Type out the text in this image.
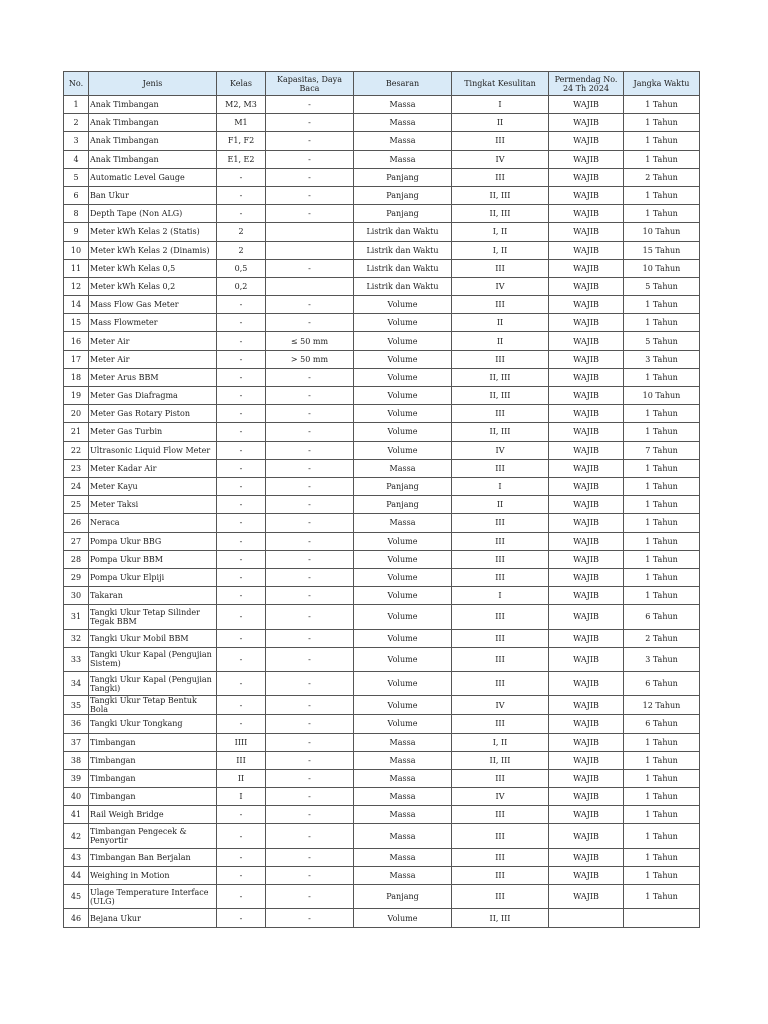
No.	Jenis	Kelas	Kapasitas, Daya Baca	Besaran	Tingkat Kesulitan	Permendag No. 24 Th 2024	Jangka Waktu
1	Anak Timbangan	M2, M3	-	Massa	I	WAJIB	1 Tahun
2	Anak Timbangan	M1	-	Massa	II	WAJIB	1 Tahun
3	Anak Timbangan	F1, F2	-	Massa	III	WAJIB	1 Tahun
4	Anak Timbangan	E1, E2	-	Massa	IV	WAJIB	1 Tahun
5	Automatic Level Gauge	-	-	Panjang	III	WAJIB	2 Tahun
6	Ban Ukur	-	-	Panjang	II, III	WAJIB	1 Tahun
8	Depth Tape (Non ALG)	-	-	Panjang	II, III	WAJIB	1 Tahun
9	Meter kWh Kelas 2 (Statis)	2		Listrik dan Waktu	I, II	WAJIB	10 Tahun
10	Meter kWh Kelas 2 (Dinamis)	2		Listrik dan Waktu	I, II	WAJIB	15 Tahun
11	Meter kWh Kelas 0,5	0,5	-	Listrik dan Waktu	III	WAJIB	10 Tahun
12	Meter kWh Kelas 0,2	0,2		Listrik dan Waktu	IV	WAJIB	5 Tahun
14	Mass Flow Gas Meter	-	-	Volume	III	WAJIB	1 Tahun
15	Mass Flowmeter	-	-	Volume	II	WAJIB	1 Tahun
16	Meter Air	-	≤ 50 mm	Volume	II	WAJIB	5 Tahun
17	Meter Air	-	> 50 mm	Volume	III	WAJIB	3 Tahun
18	Meter Arus BBM	-	-	Volume	II, III	WAJIB	1 Tahun
19	Meter Gas Diafragma	-	-	Volume	II, III	WAJIB	10 Tahun
20	Meter Gas Rotary Piston	-	-	Volume	III	WAJIB	1 Tahun
21	Meter Gas Turbin	-	-	Volume	II, III	WAJIB	1 Tahun
22	Ultrasonic Liquid Flow Meter	-	-	Volume	IV	WAJIB	7 Tahun
23	Meter Kadar Air	-	-	Massa	III	WAJIB	1 Tahun
24	Meter Kayu	-	-	Panjang	I	WAJIB	1 Tahun
25	Meter Taksi	-	-	Panjang	II	WAJIB	1 Tahun
26	Neraca	-	-	Massa	III	WAJIB	1 Tahun
27	Pompa Ukur BBG	-	-	Volume	III	WAJIB	1 Tahun
28	Pompa Ukur BBM	-	-	Volume	III	WAJIB	1 Tahun
29	Pompa Ukur Elpiji	-	-	Volume	III	WAJIB	1 Tahun
30	Takaran	-	-	Volume	I	WAJIB	1 Tahun
31	Tangki Ukur Tetap Silinder Tegak BBM	-	-	Volume	III	WAJIB	6 Tahun
32	Tangki Ukur Mobil BBM	-	-	Volume	III	WAJIB	2 Tahun
33	Tangki Ukur Kapal (Pengujian Sistem)	-	-	Volume	III	WAJIB	3 Tahun
34	Tangki Ukur Kapal (Pengujian Tangki)	-	-	Volume	III	WAJIB	6 Tahun
35	Tangki Ukur Tetap Bentuk Bola	-	-	Volume	IV	WAJIB	12 Tahun
36	Tangki Ukur Tongkang	-	-	Volume	III	WAJIB	6 Tahun
37	Timbangan	IIII	-	Massa	I, II	WAJIB	1 Tahun
38	Timbangan	III	-	Massa	II, III	WAJIB	1 Tahun
39	Timbangan	II	-	Massa	III	WAJIB	1 Tahun
40	Timbangan	I	-	Massa	IV	WAJIB	1 Tahun
41	Rail Weigh Bridge	-	-	Massa	III	WAJIB	1 Tahun
42	Timbangan Pengecek & Penyortir	-	-	Massa	III	WAJIB	1 Tahun
43	Timbangan Ban Berjalan	-	-	Massa	III	WAJIB	1 Tahun
44	Weighing in Motion	-	-	Massa	III	WAJIB	1 Tahun
45	Ulage Temperature Interface (ULG)	-	-	Panjang	III	WAJIB	1 Tahun
46	Bejana Ukur	-	-	Volume	II, III		
